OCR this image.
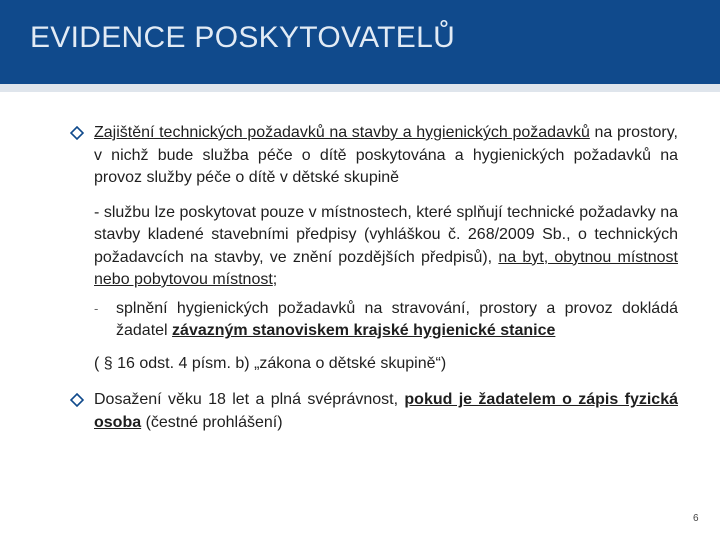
EVIDENCE POSKYTOVATELŮ
Zajištění technických požadavků na stavby a hygienických požadavků na prostory, v nichž bude služba péče o dítě poskytována a hygienických požadavků na provoz služby péče o dítě v dětské skupině
- službu lze poskytovat pouze v místnostech, které splňují technické požadavky na stavby kladené stavebními předpisy (vyhláškou č. 268/2009 Sb., o technických požadavcích na stavby, ve znění pozdějších předpisů), na byt, obytnou místnost nebo pobytovou místnost;
- splnění hygienických požadavků na stravování, prostory a provoz dokládá žadatel závazným stanoviskem krajské hygienické stanice
( § 16 odst. 4 písm. b) „zákona o dětské skupině“)
Dosažení věku 18 let a plná svéprávnost, pokud je žadatelem o zápis fyzická osoba (čestné prohlášení)
6
